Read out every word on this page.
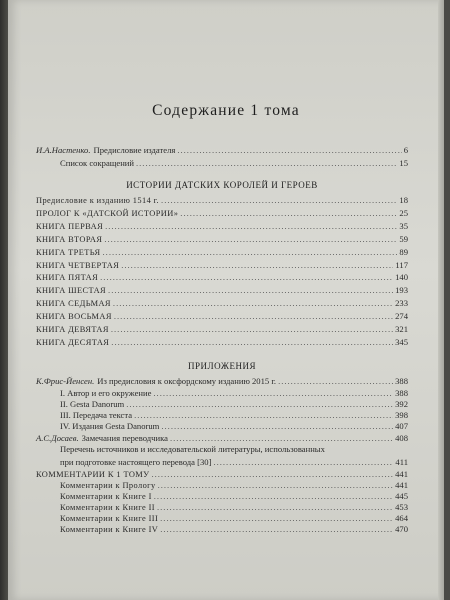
Содержание 1 тома
И.А.Настенко. Предисловие издателя .....	6
Список сокращений .....	15
ИСТОРИИ ДАТСКИХ КОРОЛЕЙ И ГЕРОЕВ
Предисловие к изданию 1514 г. .....	18
ПРОЛОГ К «ДАТСКОЙ ИСТОРИИ» .....	25
КНИГА ПЕРВАЯ .....	35
КНИГА ВТОРАЯ .....	59
КНИГА ТРЕТЬЯ .....	89
КНИГА ЧЕТВЕРТАЯ .....	117
КНИГА ПЯТАЯ .....	140
КНИГА ШЕСТАЯ .....	193
КНИГА СЕДЬМАЯ .....	233
КНИГА ВОСЬМАЯ .....	274
КНИГА ДЕВЯТАЯ .....	321
КНИГА ДЕСЯТАЯ .....	345
ПРИЛОЖЕНИЯ
К.Фрис-Йенсен. Из предисловия к оксфордскому изданию 2015 г. .....	388
I. Автор и его окружение .....	388
II. Gesta Danorum .....	392
III. Передача текста .....	398
IV. Издания Gesta Danorum .....	407
А.С.Досаев. Замечания переводчика .....	408
Перечень источников и исследовательской литературы, использованных
при подготовке настоящего перевода [30] .....	411
КОММЕНТАРИИ К 1 ТОМУ .....	441
Комментарии к Прологу .....	441
Комментарии к Книге I .....	445
Комментарии к Книге II .....	453
Комментарии к Книге III .....	464
Комментарии к Книге IV .....	470
